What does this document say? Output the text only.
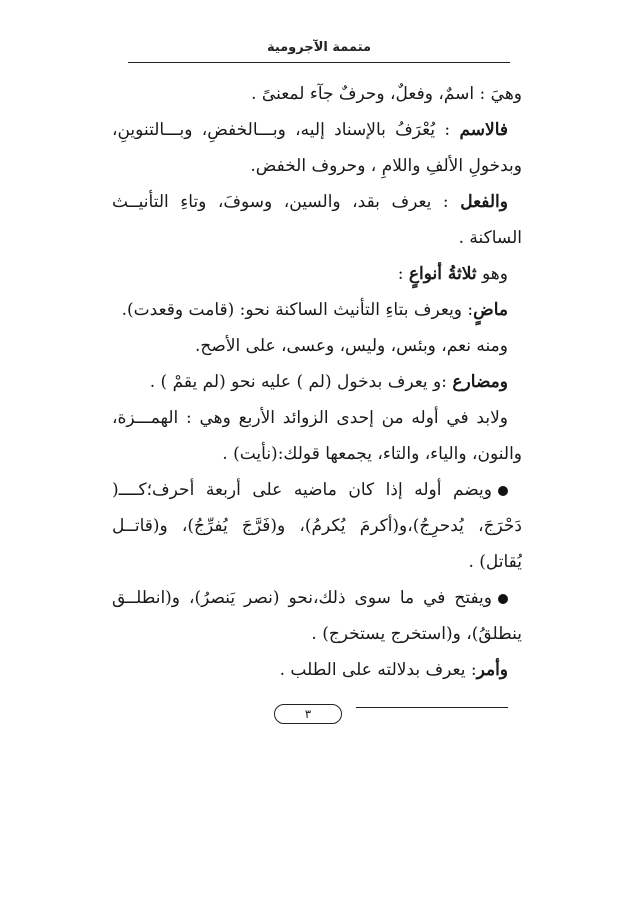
متممة الآجرومية
وهيَ : اسمٌ، وفعلٌ، وحرفٌ جآء لمعنىً .
فالاسم : يُعْرَفُ بالإسناد إليه، وبـــالخفضِ، وبـــالتنوينِ،
وبدخولِ الألفِ واللامِ ، وحروف الخفض.
والفعل : يعرف بقد، والسين، وسوفَ، وتاءِ التأنيــث
الساكنة .
وهو ثلاثةُ أنواعٍ :
ماضٍ: ويعرف بتاءِ التأنيث الساكنة نحو: (قامت وقعدت).
ومنه نعم، وبئس، وليس، وعسى، على الأصح.
ومضارع :و يعرف بدخول (لم ) عليه نحو (لم يقمْ ) .
ولابد في أوله من إحدى الزوائد الأربع وهي : الهمـــزة،
والنون، والياء، والتاء، يجمعها قولك:(نأيت) .
ويضم أوله إذا كان ماضيه على أربعة أحرف؛كــــ(
دَحْرَجَ، يُدحرِجُ)،و(أكرمَ يُكرمُ)، و(فَرَّجَ يُفرِّجُ)، و(قاتــل
يُقاتل) .
ويفتح في ما سوى ذلك،نحو (نصر يَنصرُ)، و(انطلــق
ينطلقُ)، و(استخرج يستخرج) .
وأمر: يعرف بدلالته على الطلب .
٣
